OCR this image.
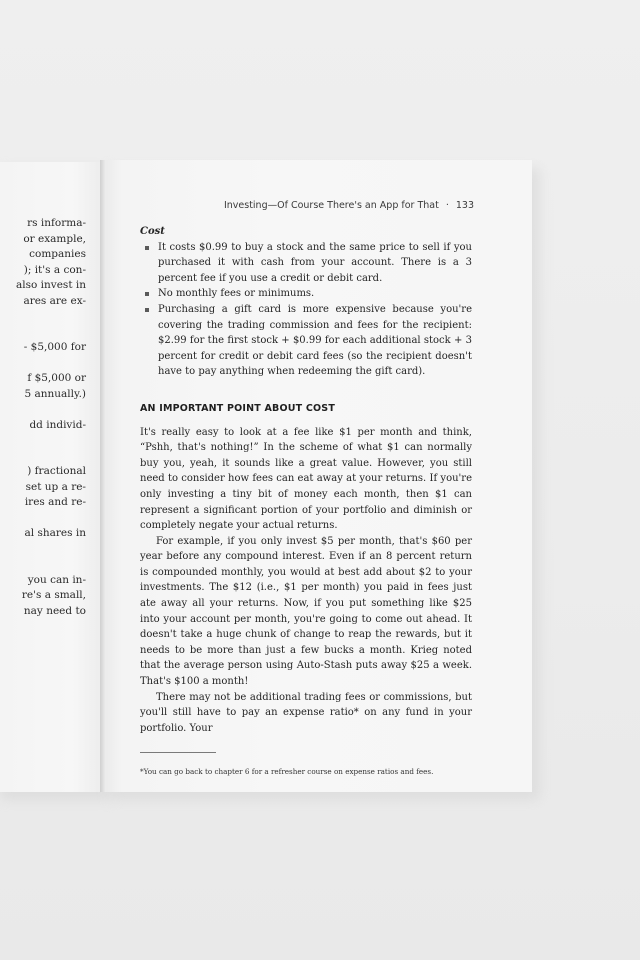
rs informa-
or example,
companies
); it's a con-
also invest in
ares are ex-
- $5,000 for
f $5,000 or
5 annually.)
dd individ-
) fractional
set up a re-
ires and re-
al shares in
you can in-
re's a small,
nay need to
Investing—Of Course There's an App for That · 133
Cost
It costs $0.99 to buy a stock and the same price to sell if you purchased it with cash from your account. There is a 3 percent fee if you use a credit or debit card.
No monthly fees or minimums.
Purchasing a gift card is more expensive because you're covering the trading commission and fees for the recipient: $2.99 for the first stock + $0.99 for each additional stock + 3 percent for credit or debit card fees (so the recipient doesn't have to pay anything when redeeming the gift card).
AN IMPORTANT POINT ABOUT COST

It's really easy to look at a fee like $1 per month and think, “Pshh, that's nothing!” In the scheme of what $1 can normally buy you, yeah, it sounds like a great value. However, you still need to consider how fees can eat away at your returns. If you're only investing a tiny bit of money each month, then $1 can represent a significant portion of your portfolio and diminish or completely negate your actual returns.

For example, if you only invest $5 per month, that's $60 per year before any compound interest. Even if an 8 percent return is compounded monthly, you would at best add about $2 to your investments. The $12 (i.e., $1 per month) you paid in fees just ate away all your returns. Now, if you put something like $25 into your account per month, you're going to come out ahead. It doesn't take a huge chunk of change to reap the rewards, but it needs to be more than just a few bucks a month. Krieg noted that the average person using Auto-Stash puts away $25 a week. That's $100 a month!

There may not be additional trading fees or commissions, but you'll still have to pay an expense ratio* on any fund in your portfolio. Your

*You can go back to chapter 6 for a refresher course on expense ratios and fees.
